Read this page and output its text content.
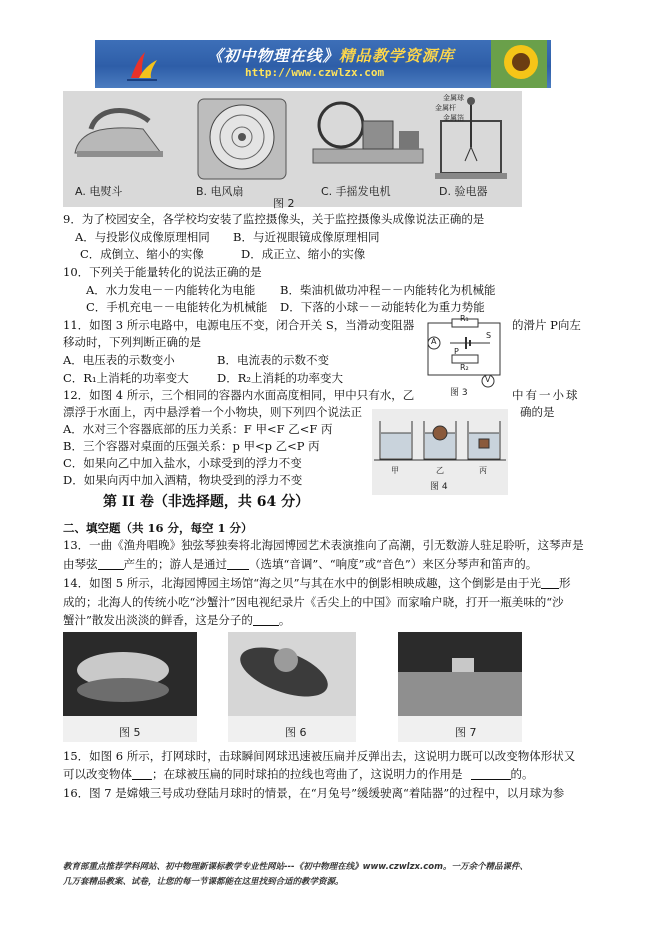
《初中物理在线》精品教学资源库
http://www.czwlzx.com
金属球
金属杆
金属箔
A. 电熨斗	B. 电风扇	C. 手摇发电机	D. 验电器
图 2
9．为了校园安全，各学校均安装了监控摄像头，关于监控摄像头成像说法正确的是
A．与投影仪成像原理相同 B．与近视眼镜成像原理相同
C．成倒立、缩小的实像	D．成正立、缩小的实像
10．下列关于能量转化的说法正确的是
A．水力发电－－内能转化为电能 B．柴油机做功冲程－－内能转化为机械能
C．手机充电－－电能转化为机械能 D．下落的小球－－动能转化为重力势能
11．如图 3 所示电路中，电源电压不变，闭合开关 S，当滑动变阻器	的滑片 P向左
移动时，下列判断正确的是
A．电压表的示数变小	B．电流表的示数不变
C．R₁上消耗的功率变大 D．R₂上消耗的功率变大
R₁
A
P
S
R₂
V
图 3
12．如图 4 所示，三个相同的容器内水面高度相同，甲中只有水，乙	中有一小球
漂浮于水面上，丙中悬浮着一个小物块，则下列四个说法正	确的是
A．水对三个容器底部的压力关系：F 甲<F 乙<F 丙
B．三个容器对桌面的压强关系：p 甲<p 乙<P 丙
C．如果向乙中加入盐水，小球受到的浮力不变
D．如果向丙中加入酒精，物块受到的浮力不变
甲	乙	丙
图 4
第 II 卷（非选择题，共 64 分）
二、填空题（共 16 分，每空 1 分）
13．一曲《渔舟唱晚》独弦琴独奏将北海园博园艺术表演推向了高潮，引无数游人驻足聆听，这琴声是
由琴弦 产生的；游人是通过 （选填“音调”、“响度”或“音色”）来区分琴声和笛声的。
14．如图 5 所示，北海园博园主场馆“海之贝”与其在水中的倒影相映成趣，这个倒影是由于光 形
成的；北海人的传统小吃“沙蟹汁”因电视纪录片《舌尖上的中国》而家喻户晓，打开一瓶美味的“沙
蟹汁”散发出淡淡的鲜香，这是分子的 。
图 5	图 6	图 7
15．如图 6 所示，打网球时，击球瞬间网球迅速被压扁并反弹出去，这说明力既可以改变物体形状又
可以改变物体 ；在球被压扁的同时球拍的拉线也弯曲了，这说明力的作用是	的。
16．图 7 是嫦娥三号成功登陆月球时的情景，在“月兔号”缓缓驶离“着陆器”的过程中，以月球为参
教育部重点推荐学科网站、初中物理新课标教学专业性网站---《初中物理在线》www.czwlzx.com。一万余个精品课件、
几万套精品教案、试卷，让您的每一节课都能在这里找到合适的教学资源。
